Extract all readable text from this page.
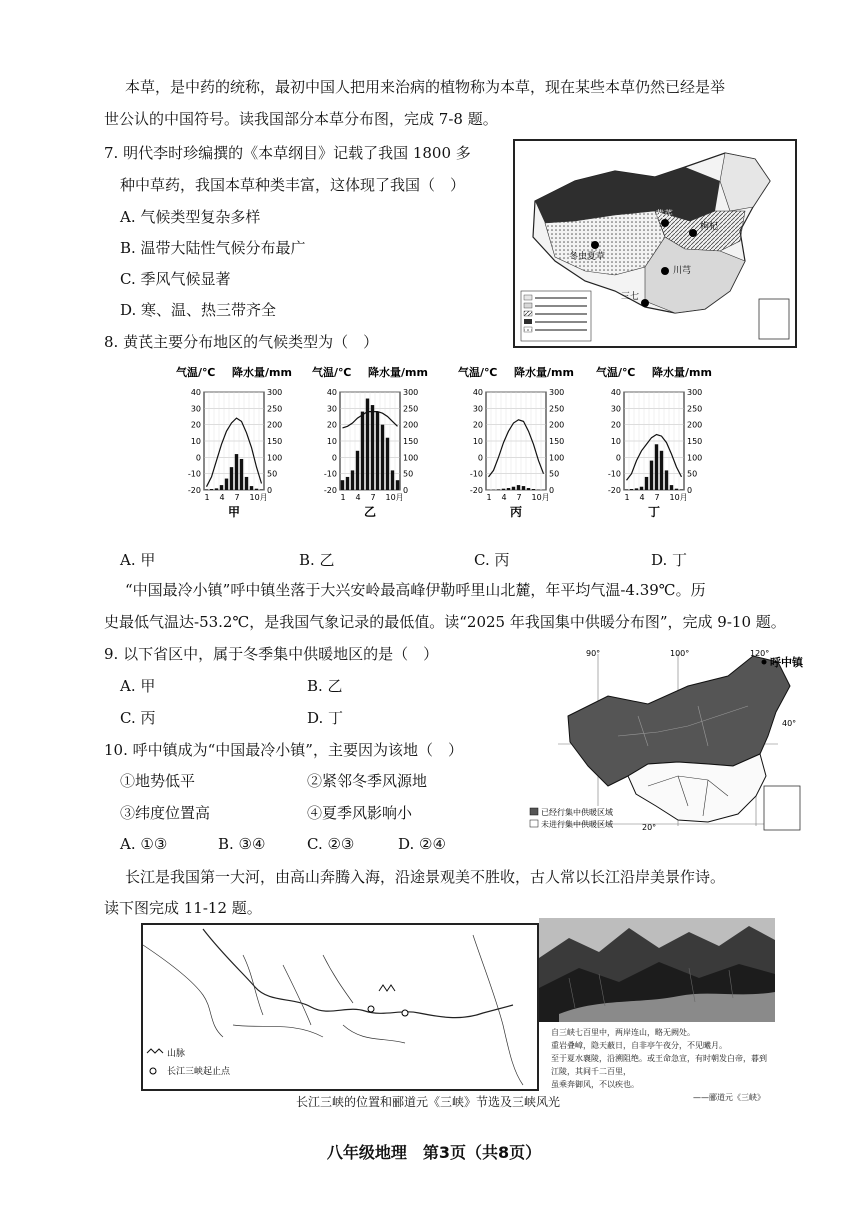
本草，是中药的统称，最初中国人把用来治病的植物称为本草，现在某些本草仍然已经是举
世公认的中国符号。读我国部分本草分布图，完成 7-8 题。
7. 明代李时珍编撰的《本草纲目》记载了我国 1800 多
种中草药，我国本草种类丰富，这体现了我国（　）
A. 气候类型复杂多样
B. 温带大陆性气候分布最广
C. 季风气候显著
D. 寒、温、热三带齐全
黄芪
枸杞
冬虫夏草
川芎
三七
8. 黄芪主要分布地区的气候类型为（　）
气温/℃ 降水量/mm
40	300
30	250
20	200
10	150
0	100
-10	50
-20	0
1 4 7 10月
甲
气温/℃ 降水量/mm
40	300
30	250
20	200
10	150
0	100
-10	50
-20	0
1 4 7 10月
乙
气温/℃ 降水量/mm
40	300
30	250
20	200
10	150
0	100
-10	50
-20	0
1 4 7 10月
丙
气温/℃ 降水量/mm
40	300
30	250
20	200
10	150
0	100
-10	50
-20	0
1 4 7 10月
丁
A. 甲	B. 乙	C. 丙	D. 丁
“中国最冷小镇”呼中镇坐落于大兴安岭最高峰伊勒呼里山北麓，年平均气温-4.39℃。历
史最低气温达-53.2℃，是我国气象记录的最低值。读“2025 年我国集中供暖分布图”，完成 9-10 题。
9. 以下省区中，属于冬季集中供暖地区的是（　）
A. 甲	B. 乙
C. 丙	D. 丁
10. 呼中镇成为“中国最冷小镇”，主要因为该地（　）
①地势低平	②紧邻冬季风源地
③纬度位置高	④夏季风影响小
A. ①③	B. ③④	C. ②③	D. ②④
90°	100°	120°
40°
20°
呼中镇
已经行集中供暖区域
未进行集中供暖区域
长江是我国第一大河，由高山奔腾入海，沿途景观美不胜收，古人常以长江沿岸美景作诗。
读下图完成 11-12 题。
山脉
长江三峡起止点
自三峡七百里中，两岸连山，略无阙处。
重岩叠嶂，隐天蔽日，自非亭午夜分，不见曦月。
至于夏水襄陵，沿溯阻绝。或王命急宣，有时朝发白帝，暮到江陵，其间千二百里，
虽乘奔御风，不以疾也。
——郦道元《三峡》
长江三峡的位置和郦道元《三峡》节选及三峡风光
八年级地理　第3页（共8页）
